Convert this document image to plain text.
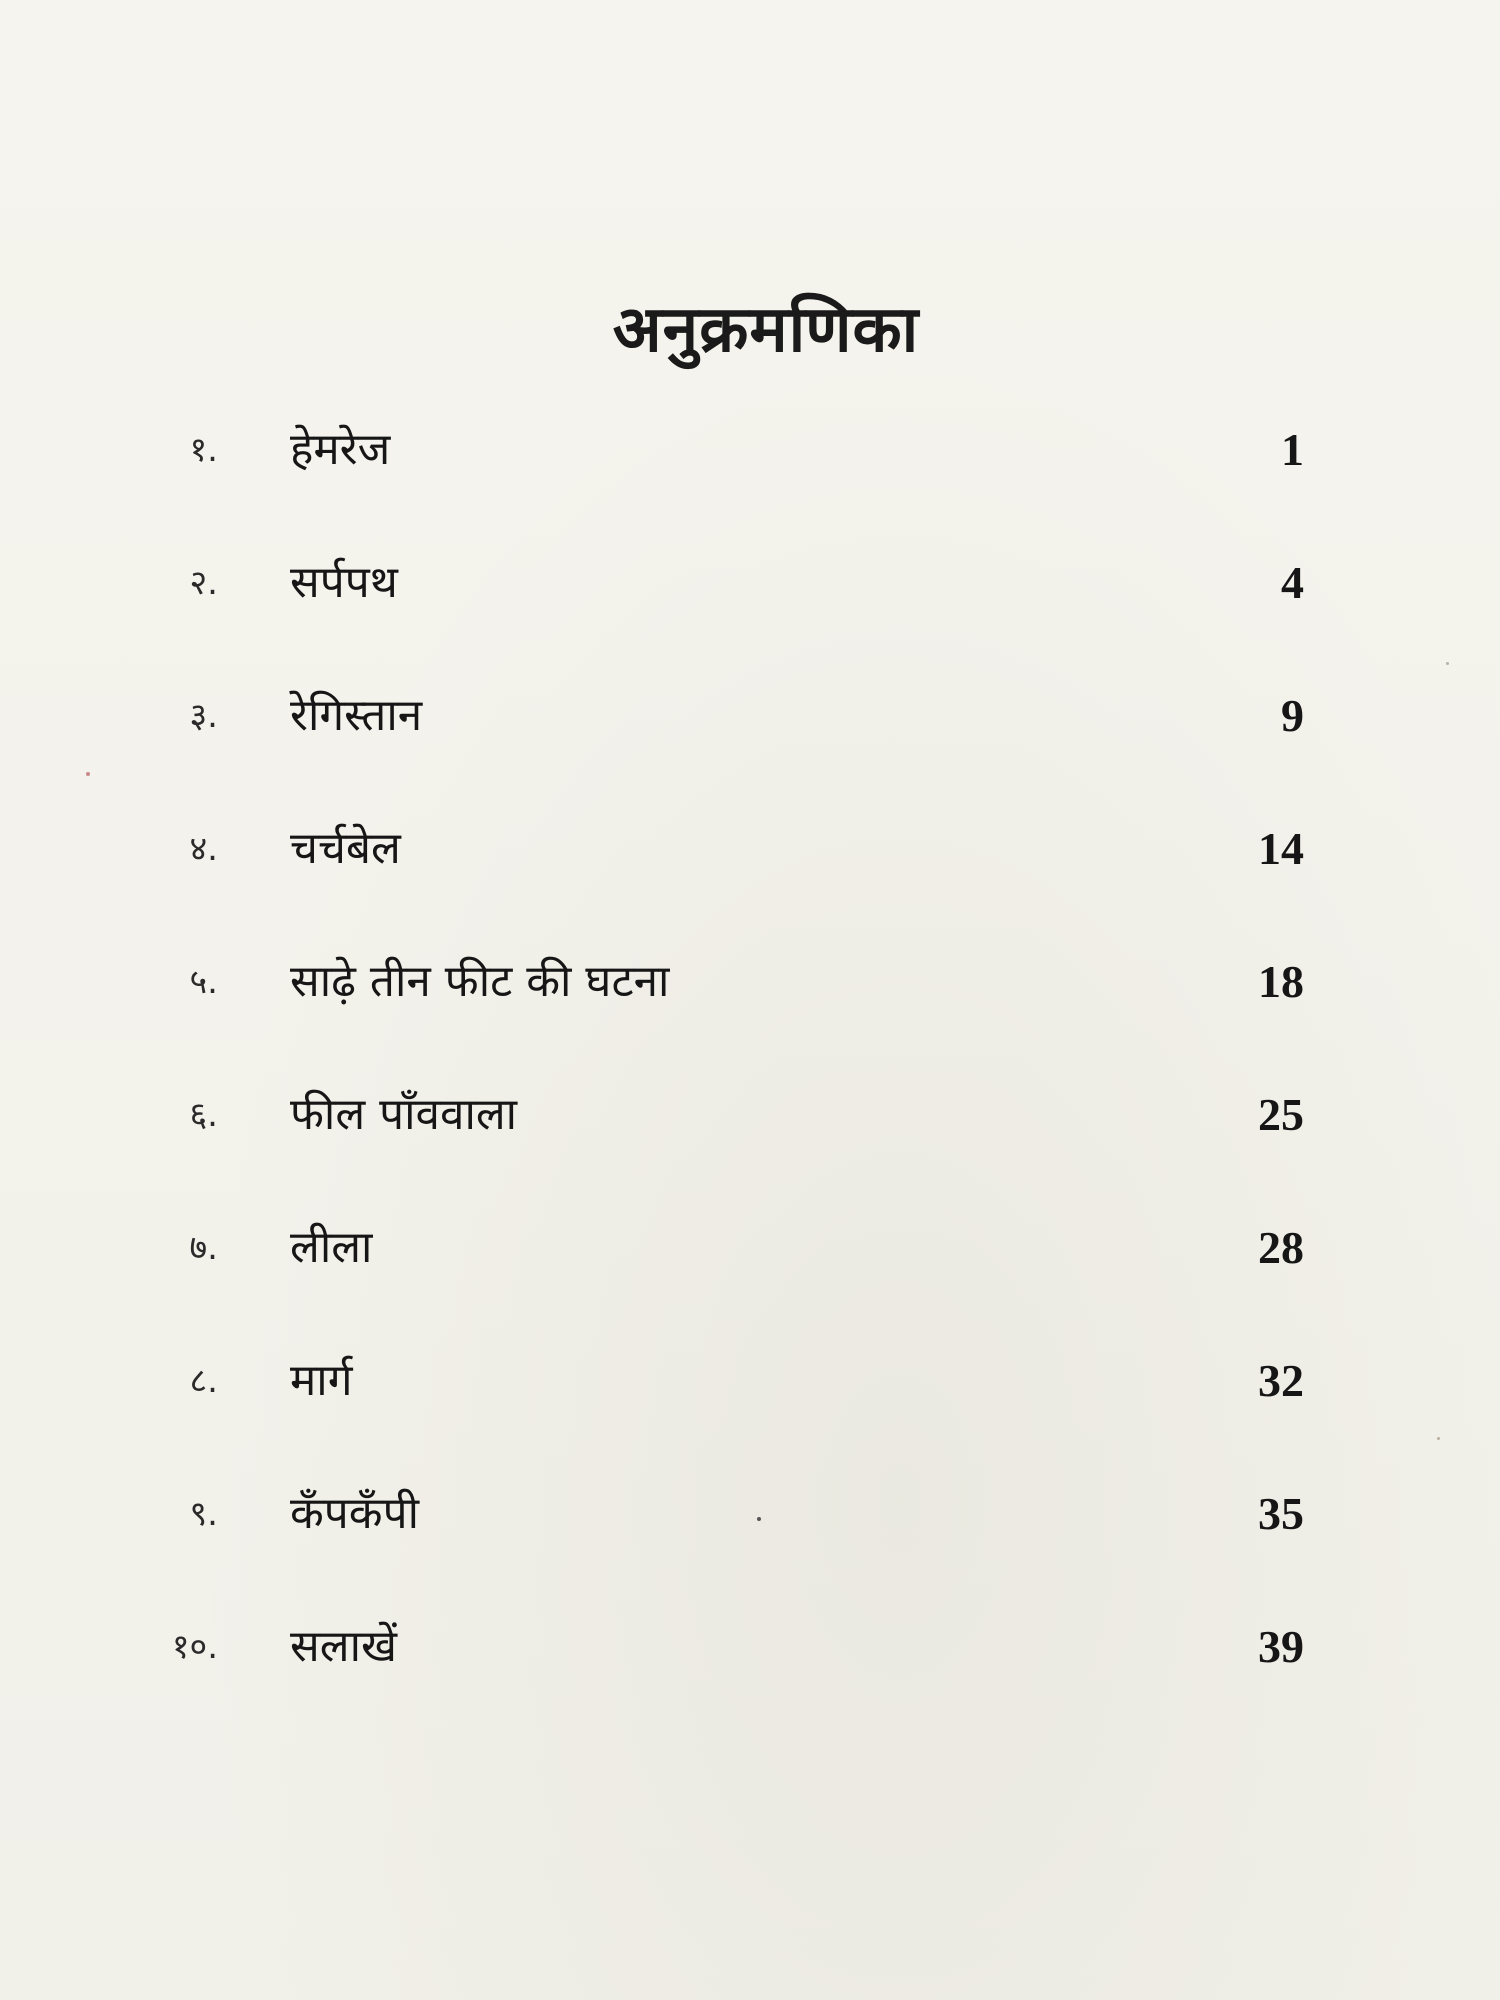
अनुक्रमणिका
१. हेमरेज	1
२. सर्पपथ	4
३. रेगिस्तान	9
४. चर्चबेल	14
५. साढ़े तीन फीट की घटना	18
६. फील पाँववाला	25
७. लीला	28
८. मार्ग	32
९. कँपकँपी	35
१०. सलाखें	39
